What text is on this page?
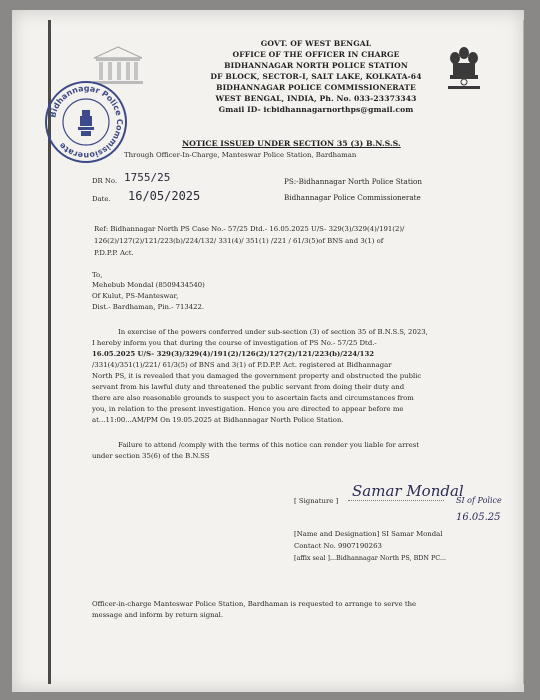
Bidhannagar Police Commissionerate
GOVT. OF WEST BENGAL
OFFICE OF THE OFFICER IN CHARGE
BIDHANNAGAR NORTH POLICE STATION
DF BLOCK, SECTOR-I, SALT LAKE, KOLKATA-64
BIDHANNAGAR POLICE COMMISSIONERATE
WEST BENGAL, INDIA, Ph. No. 033-23373343
Gmail ID- icbidhannagarnorthps@gmail.com
NOTICE ISSUED UNDER SECTION 35 (3) B.N.S.S.
Through Officer-In-Charge, Manteswar Police Station, Bardhaman
DR No. 1755/25
Date. 16/05/2025
PS:-Bidhannagar North Police Station
Bidhannagar Police Commissionerate
Ref: Bidhannagar North PS Case No.- 57/25 Dtd.- 16.05.2025 U/S- 329(3)/329(4)/191(2)/
126(2)/127(2)/121/223(b)/224/132/ 331(4)/ 351(1) /221 / 61/3(5)of BNS and 3(1) of
P.D.P.P. Act.
To,
Mehebub Mondal (8509434540)
Of Kulut, PS-Manteswar,
Dist.- Bardhaman, Pin.- 713422.
In exercise of the powers conferred under sub-section (3) of section 35 of B.N.S.S, 2023,
I hereby inform you that during the course of investigation of PS No.- 57/25 Dtd.-
16.05.2025 U/S- 329(3)/329(4)/191(2)/126(2)/127(2)/121/223(b)/224/132
/331(4)/351(1)/221/ 61/3(5) of BNS and 3(1) of P.D.P.P. Act. registered at Bidhannagar
North PS, it is revealed that you damaged the government property and obstructed the public
servant from his lawful duty and threatened the public servant from doing their duty and
there are also reasonable grounds to suspect you to ascertain facts and circumstances from
you, in relation to the present investigation. Hence you are directed to appear before me
at...11:00...AM/PM On 19.05.2025 at Bidhannagar North Police Station.
Failure to attend /comply with the terms of this notice can render you liable for arrest
under section 35(6) of the B.N.SS
[ Signature ]
Samar Mondal
SI of Police
16.05.25
[Name and Designation] SI Samar Mondal
Contact No. 9907190263
[affix seal ]...Bidhannagar North PS, BDN PC...
Officer-in-charge Manteswar Police Station, Bardhaman is requested to arrange to serve the
message and inform by return signal.
